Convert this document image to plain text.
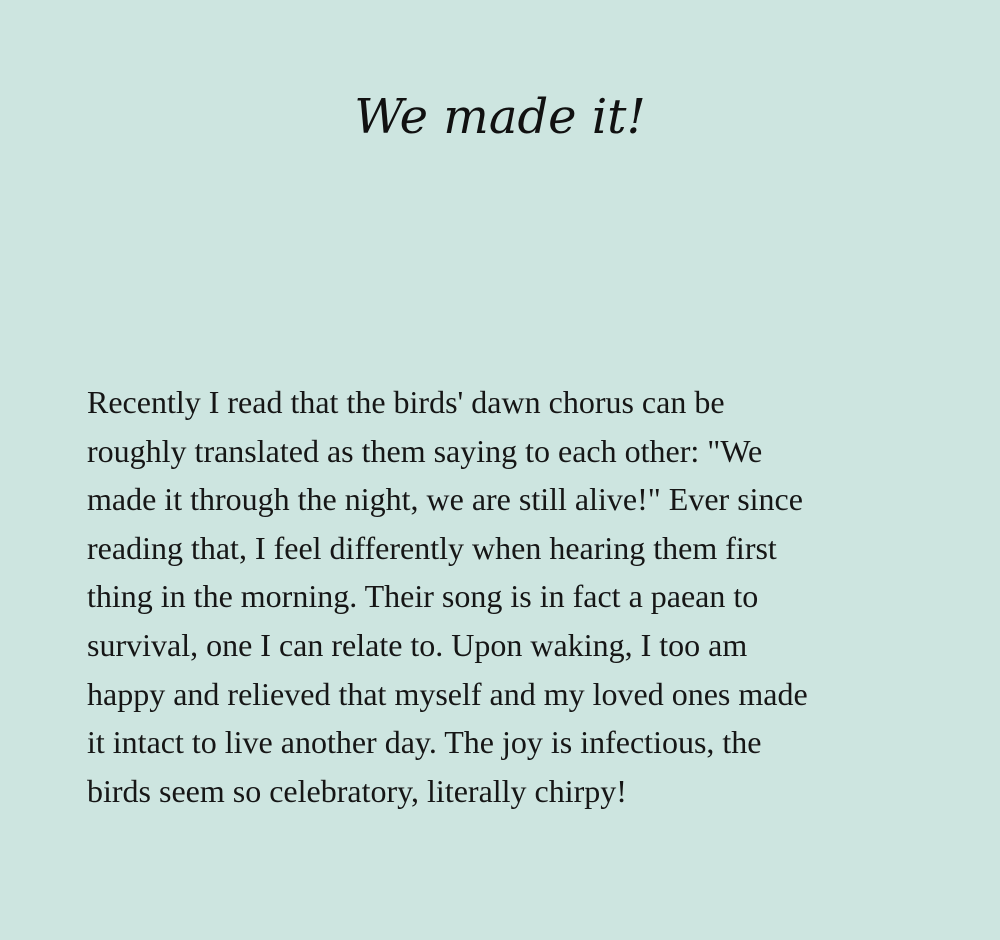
We made it!

Recently I read that the birds' dawn chorus can be
roughly translated as them saying to each other: "We
made it through the night, we are still alive!" Ever since
reading that, I feel differently when hearing them first
thing in the morning. Their song is in fact a paean to
survival, one I can relate to. Upon waking, I too am
happy and relieved that myself and my loved ones made
it intact to live another day. The joy is infectious, the
birds seem so celebratory, literally chirpy!
